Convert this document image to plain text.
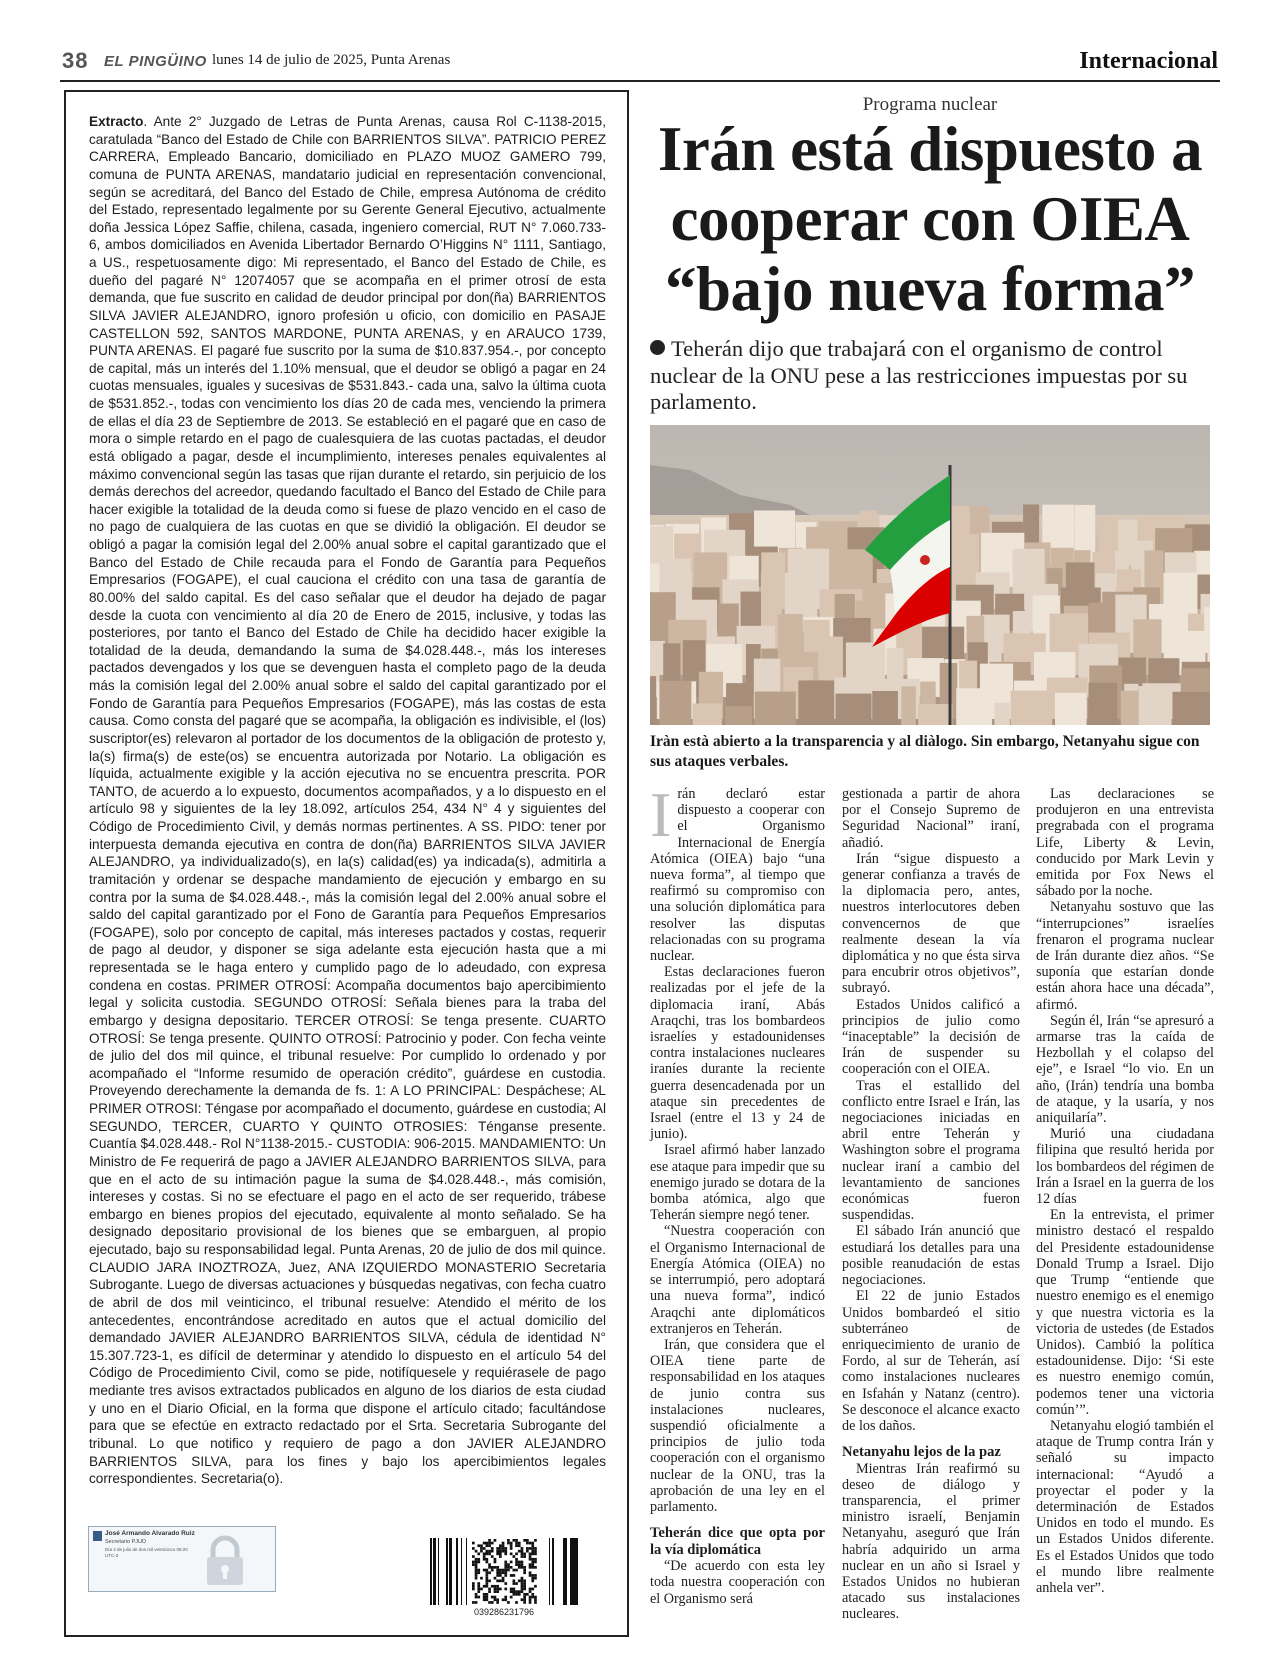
38 EL PINGÜINO lunes 14 de julio de 2025, Punta Arenas	Internacional
Extracto. Ante 2° Juzgado de Letras de Punta Arenas, causa Rol C-1138-2015, caratulada “Banco del Estado de Chile con BARRIENTOS SILVA”. PATRICIO PEREZ CARRERA, Empleado Bancario, domiciliado en PLAZO MUOZ GAMERO 799, comuna de PUNTA ARENAS, mandatario judicial en representación convencional, según se acreditará, del Banco del Estado de Chile, empresa Autónoma de crédito del Estado, representado legalmente por su Gerente General Ejecutivo, actualmente doña Jessica López Saffie, chilena, casada, ingeniero comercial, RUT N° 7.060.733-6, ambos domiciliados en Avenida Libertador Bernardo O’Higgins N° 1111, Santiago, a US., respetuosamente digo: Mi representado, el Banco del Estado de Chile, es dueño del pagaré N° 12074057 que se acompaña en el primer otrosí de esta demanda, que fue suscrito en calidad de deudor principal por don(ña) BARRIENTOS SILVA JAVIER ALEJANDRO, ignoro profesión u oficio, con domicilio en PASAJE CASTELLON 592, SANTOS MARDONE, PUNTA ARENAS, y en ARAUCO 1739, PUNTA ARENAS. El pagaré fue suscrito por la suma de $10.837.954.-, por concepto de capital, más un interés del 1.10% mensual, que el deudor se obligó a pagar en 24 cuotas mensuales, iguales y sucesivas de $531.843.- cada una, salvo la última cuota de $531.852.-, todas con vencimiento los días 20 de cada mes, venciendo la primera de ellas el día 23 de Septiembre de 2013. Se estableció en el pagaré que en caso de mora o simple retardo en el pago de cualesquiera de las cuotas pactadas, el deudor está obligado a pagar, desde el incumplimiento, intereses penales equivalentes al máximo convencional según las tasas que rijan durante el retardo, sin perjuicio de los demás derechos del acreedor, quedando facultado el Banco del Estado de Chile para hacer exigible la totalidad de la deuda como si fuese de plazo vencido en el caso de no pago de cualquiera de las cuotas en que se dividió la obligación. El deudor se obligó a pagar la comisión legal del 2.00% anual sobre el capital garantizado que el Banco del Estado de Chile recauda para el Fondo de Garantía para Pequeños Empresarios (FOGAPE), el cual cauciona el crédito con una tasa de garantía de 80.00% del saldo capital. Es del caso señalar que el deudor ha dejado de pagar desde la cuota con vencimiento al día 20 de Enero de 2015, inclusive, y todas las posteriores, por tanto el Banco del Estado de Chile ha decidido hacer exigible la totalidad de la deuda, demandando la suma de $4.028.448.-, más los intereses pactados devengados y los que se devenguen hasta el completo pago de la deuda más la comisión legal del 2.00% anual sobre el saldo del capital garantizado por el Fondo de Garantía para Pequeños Empresarios (FOGAPE), más las costas de esta causa. Como consta del pagaré que se acompaña, la obligación es indivisible, el (los) suscriptor(es) relevaron al portador de los documentos de la obligación de protesto y, la(s) firma(s) de este(os) se encuentra autorizada por Notario. La obligación es líquida, actualmente exigible y la acción ejecutiva no se encuentra prescrita. POR TANTO, de acuerdo a lo expuesto, documentos acompañados, y a lo dispuesto en el artículo 98 y siguientes de la ley 18.092, artículos 254, 434 N° 4 y siguientes del Código de Procedimiento Civil, y demás normas pertinentes. A SS. PIDO: tener por interpuesta demanda ejecutiva en contra de don(ña) BARRIENTOS SILVA JAVIER ALEJANDRO, ya individualizado(s), en la(s) calidad(es) ya indicada(s), admitirla a tramitación y ordenar se despache mandamiento de ejecución y embargo en su contra por la suma de $4.028.448.-, más la comisión legal del 2.00% anual sobre el saldo del capital garantizado por el Fono de Garantía para Pequeños Empresarios (FOGAPE), solo por concepto de capital, más intereses pactados y costas, requerir de pago al deudor, y disponer se siga adelante esta ejecución hasta que a mi representada se le haga entero y cumplido pago de lo adeudado, con expresa condena en costas. PRIMER OTROSÍ: Acompaña documentos bajo apercibimiento legal y solicita custodia. SEGUNDO OTROSÍ: Señala bienes para la traba del embargo y designa depositario. TERCER OTROSÍ: Se tenga presente. CUARTO OTROSÍ: Se tenga presente. QUINTO OTROSÍ: Patrocinio y poder. Con fecha veinte de julio del dos mil quince, el tribunal resuelve: Por cumplido lo ordenado y por acompañado el “Informe resumido de operación crédito”, guárdese en custodia. Proveyendo derechamente la demanda de fs. 1: A LO PRINCIPAL: Despáchese; AL PRIMER OTROSI: Téngase por acompañado el documento, guárdese en custodia; Al SEGUNDO, TERCER, CUARTO Y QUINTO OTROSIES: Ténganse presente. Cuantía $4.028.448.- Rol N°1138-2015.- CUSTODIA: 906-2015. MANDAMIENTO: Un Ministro de Fe requerirá de pago a JAVIER ALEJANDRO BARRIENTOS SILVA, para que en el acto de su intimación pague la suma de $4.028.448.-, más comisión, intereses y costas. Si no se efectuare el pago en el acto de ser requerido, trábese embargo en bienes propios del ejecutado, equivalente al monto señalado. Se ha designado depositario provisional de los bienes que se embarguen, al propio ejecutado, bajo su responsabilidad legal. Punta Arenas, 20 de julio de dos mil quince. CLAUDIO JARA INOZTROZA, Juez, ANA IZQUIERDO MONASTERIO Secretaria Subrogante. Luego de diversas actuaciones y búsquedas negativas, con fecha cuatro de abril de dos mil veinticinco, el tribunal resuelve: Atendido el mérito de los antecedentes, encontrándose acreditado en autos que el actual domicilio del demandado JAVIER ALEJANDRO BARRIENTOS SILVA, cédula de identidad N° 15.307.723-1, es difícil de determinar y atendido lo dispuesto en el artículo 54 del Código de Procedimiento Civil, como se pide, notifíquesele y requiérasele de pago mediante tres avisos extractados publicados en alguno de los diarios de esta ciudad y uno en el Diario Oficial, en la forma que dispone el artículo citado; facultándose para que se efectúe en extracto redactado por el Srta. Secretaria Subrogante del tribunal. Lo que notifico y requiero de pago a don JAVIER ALEJANDRO BARRIENTOS SILVA, para los fines y bajo los apercibimientos legales correspondientes. Secretaria(o).
José Armando Alvarado Ruiz
Secretario PJUD
Día 4 de julio de dos mil veinticinco 08:20 UTC-3
039286231796
Programa nuclear
Irán está dispuesto a cooperar con OIEA “bajo nueva forma”
Teherán dijo que trabajará con el organismo de control nuclear de la ONU pese a las restricciones impuestas por su parlamento.
Iràn està abierto a la transparencia y al diàlogo. Sin embargo, Netanyahu sigue con sus ataques verbales.

Irán declaró estar dispuesto a cooperar con el Organismo Internacional de Energía Atómica (OIEA) bajo “una nueva forma”, al tiempo que reafirmó su compromiso con una solución diplomática para resolver las disputas relacionadas con su programa nuclear.

Estas declaraciones fueron realizadas por el jefe de la diplomacia iraní, Abás Araqchi, tras los bombardeos israelíes y estadounidenses contra instalaciones nucleares iraníes durante la reciente guerra desencadenada por un ataque sin precedentes de Israel (entre el 13 y 24 de junio).

Israel afirmó haber lanzado ese ataque para impedir que su enemigo jurado se dotara de la bomba atómica, algo que Teherán siempre negó tener.

“Nuestra cooperación con el Organismo Internacional de Energía Atómica (OIEA) no se interrumpió, pero adoptará una nueva forma”, indicó Araqchi ante diplomáticos extranjeros en Teherán.

Irán, que considera que el OIEA tiene parte de responsabilidad en los ataques de junio contra sus instalaciones nucleares, suspendió oficialmente a principios de julio toda cooperación con el organismo nuclear de la ONU, tras la aprobación de una ley en el parlamento.

Teherán dice que opta por la vía diplomática

“De acuerdo con esta ley toda nuestra cooperación con el Organismo será

gestionada a partir de ahora por el Consejo Supremo de Seguridad Nacional” iraní, añadió.

Irán “sigue dispuesto a generar confianza a través de la diplomacia pero, antes, nuestros interlocutores deben convencernos de que realmente desean la vía diplomática y no que ésta sirva para encubrir otros objetivos”, subrayó.

Estados Unidos calificó a principios de julio como “inaceptable” la decisión de Irán de suspender su cooperación con el OIEA.

Tras el estallido del conflicto entre Israel e Irán, las negociaciones iniciadas en abril entre Teherán y Washington sobre el programa nuclear iraní a cambio del levantamiento de sanciones económicas fueron suspendidas.

El sábado Irán anunció que estudiará los detalles para una posible reanudación de estas negociaciones.

El 22 de junio Estados Unidos bombardeó el sitio subterráneo de enriquecimiento de uranio de Fordo, al sur de Teherán, así como instalaciones nucleares en Isfahán y Natanz (centro). Se desconoce el alcance exacto de los daños.

Netanyahu lejos de la paz

Mientras Irán reafirmó su deseo de diálogo y transparencia, el primer ministro israelí, Benjamin Netanyahu, aseguró que Irán habría adquirido un arma nuclear en un año si Israel y Estados Unidos no hubieran atacado sus instalaciones nucleares.

Las declaraciones se produjeron en una entrevista pregrabada con el programa Life, Liberty & Levin, conducido por Mark Levin y emitida por Fox News el sábado por la noche.

Netanyahu sostuvo que las “interrupciones” israelíes frenaron el programa nuclear de Irán durante diez años. “Se suponía que estarían donde están ahora hace una década”, afirmó.

Según él, Irán “se apresuró a armarse tras la caída de Hezbollah y el colapso del eje”, e Israel “lo vio. En un año, (Irán) tendría una bomba de ataque, y la usaría, y nos aniquilaría”.

Murió una ciudadana filipina que resultó herida por los bombardeos del régimen de Irán a Israel en la guerra de los 12 días

En la entrevista, el primer ministro destacó el respaldo del Presidente estadounidense Donald Trump a Israel. Dijo que Trump “entiende que nuestro enemigo es el enemigo y que nuestra victoria es la victoria de ustedes (de Estados Unidos). Cambió la política estadounidense. Dijo: ‘Si este es nuestro enemigo común, podemos tener una victoria común’”.

Netanyahu elogió también el ataque de Trump contra Irán y señaló su impacto internacional: “Ayudó a proyectar el poder y la determinación de Estados Unidos en todo el mundo. Es un Estados Unidos diferente. Es el Estados Unidos que todo el mundo libre realmente anhela ver”.
